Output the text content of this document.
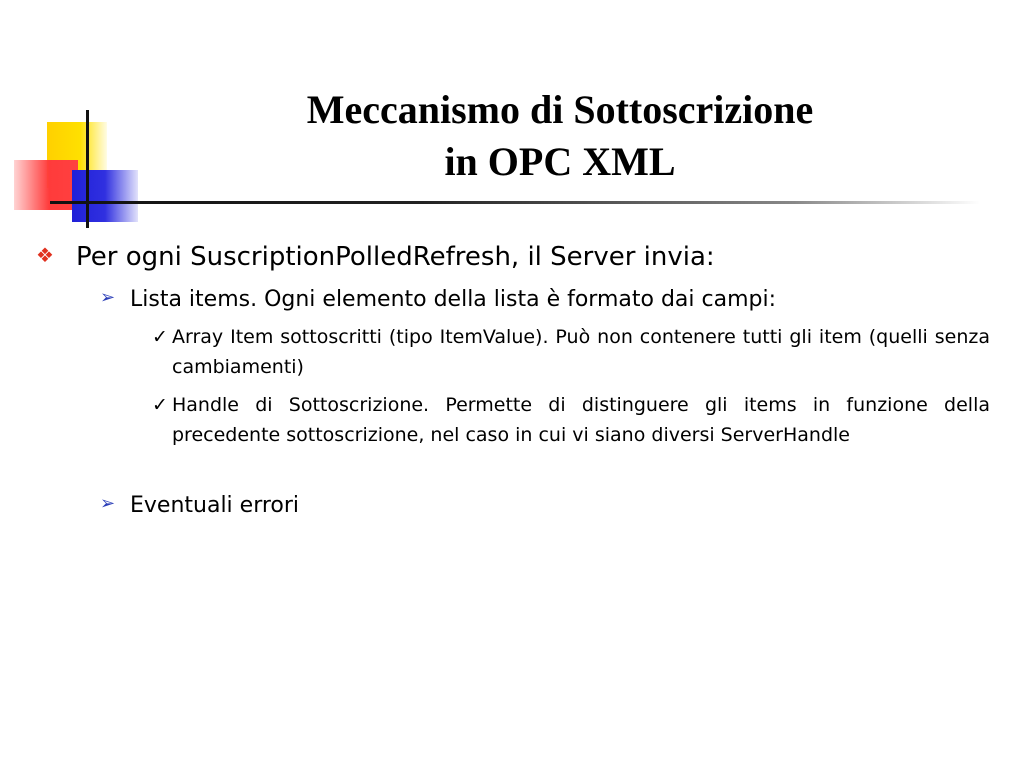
Meccanismo di Sottoscrizione
in OPC XML
❖ Per ogni SuscriptionPolledRefresh, il Server invia:
➢ Lista items. Ogni elemento della lista è formato dai campi:
✓ Array Item sottoscritti (tipo ItemValue). Può non contenere tutti gli item (quelli senza cambiamenti)
✓ Handle di Sottoscrizione. Permette di distinguere gli items in funzione della precedente sottoscrizione, nel caso in cui vi siano diversi ServerHandle
➢ Eventuali errori
